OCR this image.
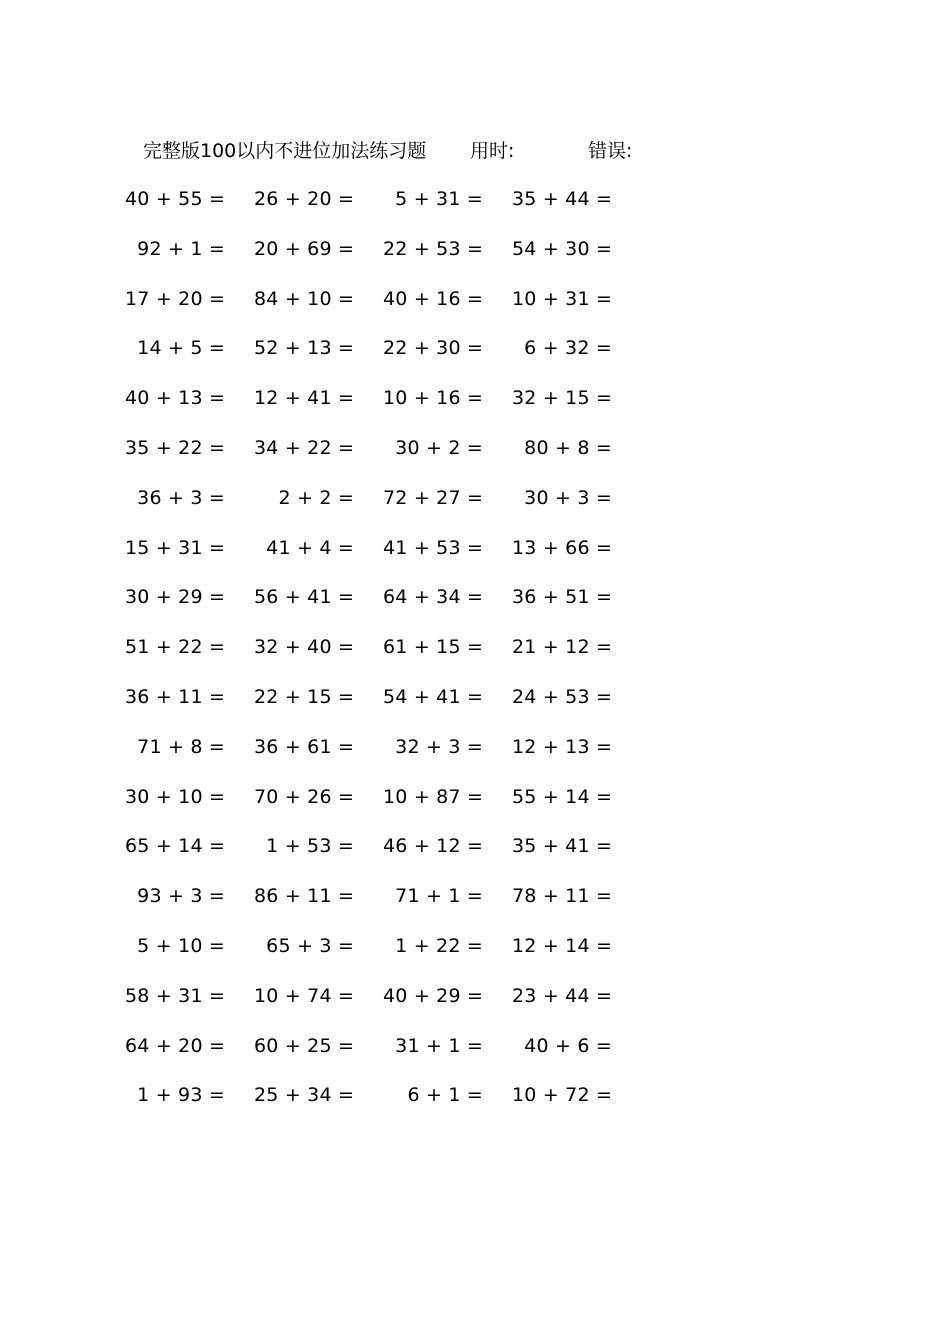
完整版100以内不进位加法练习题 用时:	错误:
40 + 55 = 26 + 20 =	5 + 31 = 35 + 44 =
92 + 1 = 20 + 69 = 22 + 53 = 54 + 30 =
17 + 20 = 84 + 10 = 40 + 16 = 10 + 31 =
14 + 5 = 52 + 13 = 22 + 30 =	6 + 32 =
40 + 13 = 12 + 41 = 10 + 16 = 32 + 15 =
35 + 22 = 34 + 22 =	30 + 2 =	80 + 8 =
36 + 3 =	2 + 2 = 72 + 27 =	30 + 3 =
15 + 31 =	41 + 4 = 41 + 53 = 13 + 66 =
30 + 29 = 56 + 41 = 64 + 34 = 36 + 51 =
51 + 22 = 32 + 40 = 61 + 15 = 21 + 12 =
36 + 11 = 22 + 15 = 54 + 41 = 24 + 53 =
71 + 8 = 36 + 61 =	32 + 3 = 12 + 13 =
30 + 10 = 70 + 26 = 10 + 87 = 55 + 14 =
65 + 14 =	1 + 53 = 46 + 12 = 35 + 41 =
93 + 3 = 86 + 11 =	71 + 1 = 78 + 11 =
5 + 10 =	65 + 3 =	1 + 22 = 12 + 14 =
58 + 31 = 10 + 74 = 40 + 29 = 23 + 44 =
64 + 20 = 60 + 25 =	31 + 1 =	40 + 6 =
1 + 93 = 25 + 34 =	6 + 1 = 10 + 72 =
